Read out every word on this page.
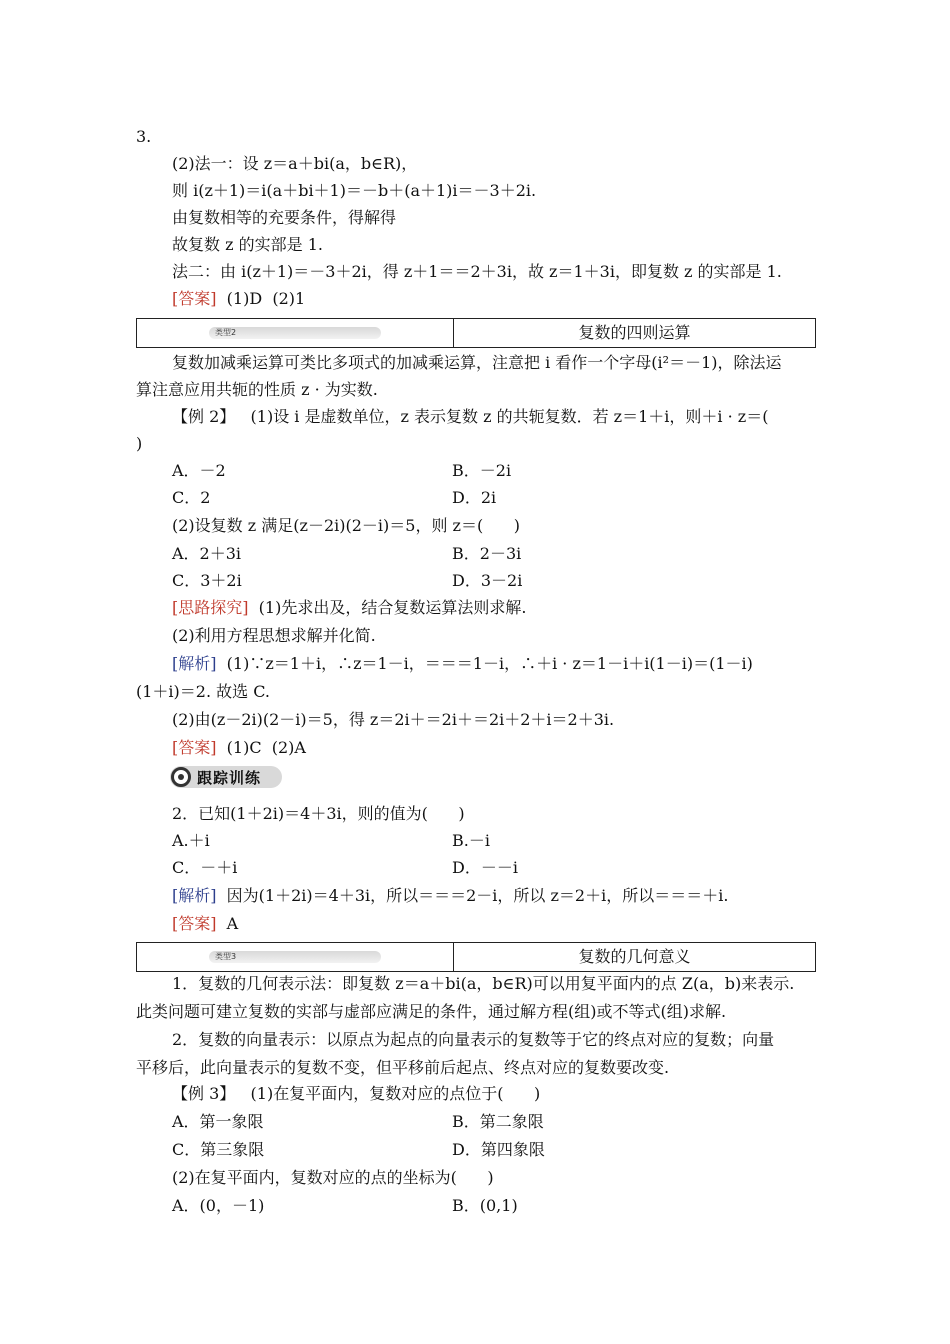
3.
(2)法一：设 z＝a＋bi(a，b∈R)，
则 i(z＋1)＝i(a＋bi＋1)＝－b＋(a＋1)i＝－3＋2i.
由复数相等的充要条件，得解得
故复数 z 的实部是 1.
法二：由 i(z＋1)＝－3＋2i，得 z＋1＝＝2＋3i，故 z＝1＋3i，即复数 z 的实部是 1.
[答案]  (1)D  (2)1
类型2	复数的四则运算
复数加减乘运算可类比多项式的加减乘运算，注意把 i 看作一个字母(i²＝－1)，除法运
算注意应用共轭的性质 z · 为实数.
【例 2】   (1)设 i 是虚数单位，z 表示复数 z 的共轭复数．若 z＝1＋i，则＋i · z＝(
)
A．－2	B．－2i
C．2	D．2i
(2)设复数 z 满足(z－2i)(2－i)＝5，则 z＝(      )
A．2＋3i	B．2－3i
C．3＋2i	D．3－2i
[思路探究]  (1)先求出及，结合复数运算法则求解.
(2)利用方程思想求解并化简.
[解析]  (1)∵z＝1＋i，∴z＝1－i，＝＝＝1－i，∴＋i · z＝1－i＋i(1－i)＝(1－i)
(1＋i)＝2. 故选 C.
(2)由(z－2i)(2－i)＝5，得 z＝2i＋＝2i＋＝2i＋2＋i＝2＋3i.
[答案]  (1)C  (2)A
跟踪训练
2．已知(1＋2i)＝4＋3i，则的值为(      )
A.＋i	B.－i
C．－＋i	D．－－i
[解析]  因为(1＋2i)＝4＋3i，所以＝＝＝2－i，所以 z＝2＋i，所以＝＝＝＋i.
[答案]  A
类型3	复数的几何意义
1．复数的几何表示法：即复数 z＝a＋bi(a，b∈R)可以用复平面内的点 Z(a，b)来表示.
此类问题可建立复数的实部与虚部应满足的条件，通过解方程(组)或不等式(组)求解.
2．复数的向量表示：以原点为起点的向量表示的复数等于它的终点对应的复数；向量
平移后，此向量表示的复数不变，但平移前后起点、终点对应的复数要改变.
【例 3】   (1)在复平面内，复数对应的点位于(      )
A．第一象限	B．第二象限
C．第三象限	D．第四象限
(2)在复平面内，复数对应的点的坐标为(      )
A．(0，－1)	B．(0,1)
